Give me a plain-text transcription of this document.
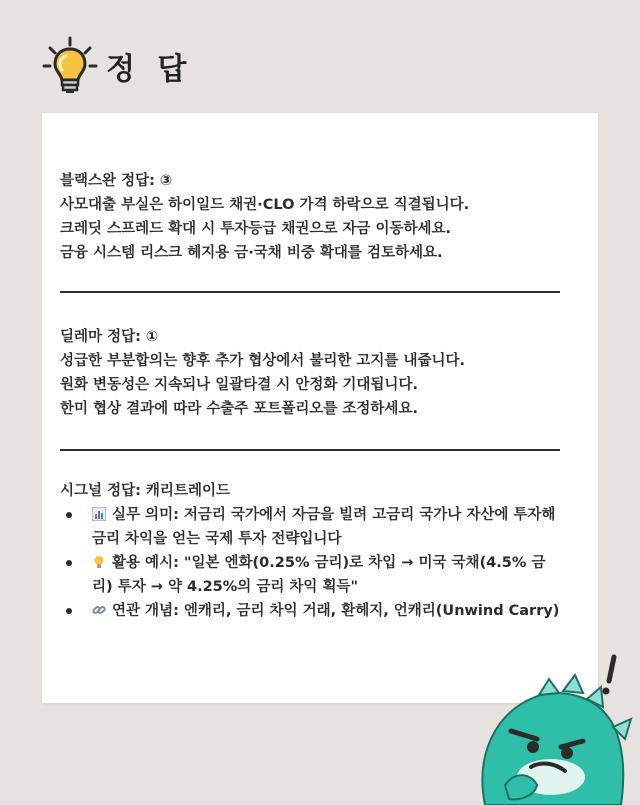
정 답
블랙스완 정답: ③
사모대출 부실은 하이일드 채권·CLO 가격 하락으로 직결됩니다.
크레딧 스프레드 확대 시 투자등급 채권으로 자금 이동하세요.
금융 시스템 리스크 헤지용 금·국채 비중 확대를 검토하세요.
딜레마 정답: ①
성급한 부분합의는 향후 추가 협상에서 불리한 고지를 내줍니다.
원화 변동성은 지속되나 일괄타결 시 안정화 기대됩니다.
한미 협상 결과에 따라 수출주 포트폴리오를 조정하세요.
시그널 정답: 캐리트레이드
실무 의미: 저금리 국가에서 자금을 빌려 고금리 국가나 자산에 투자해 금리 차익을 얻는 국제 투자 전략입니다
활용 예시: "일본 엔화(0.25% 금리)로 차입 → 미국 국채(4.5% 금리) 투자 → 약 4.25%의 금리 차익 획득"
연관 개념: 엔캐리, 금리 차익 거래, 환헤지, 언캐리(Unwind Carry)
